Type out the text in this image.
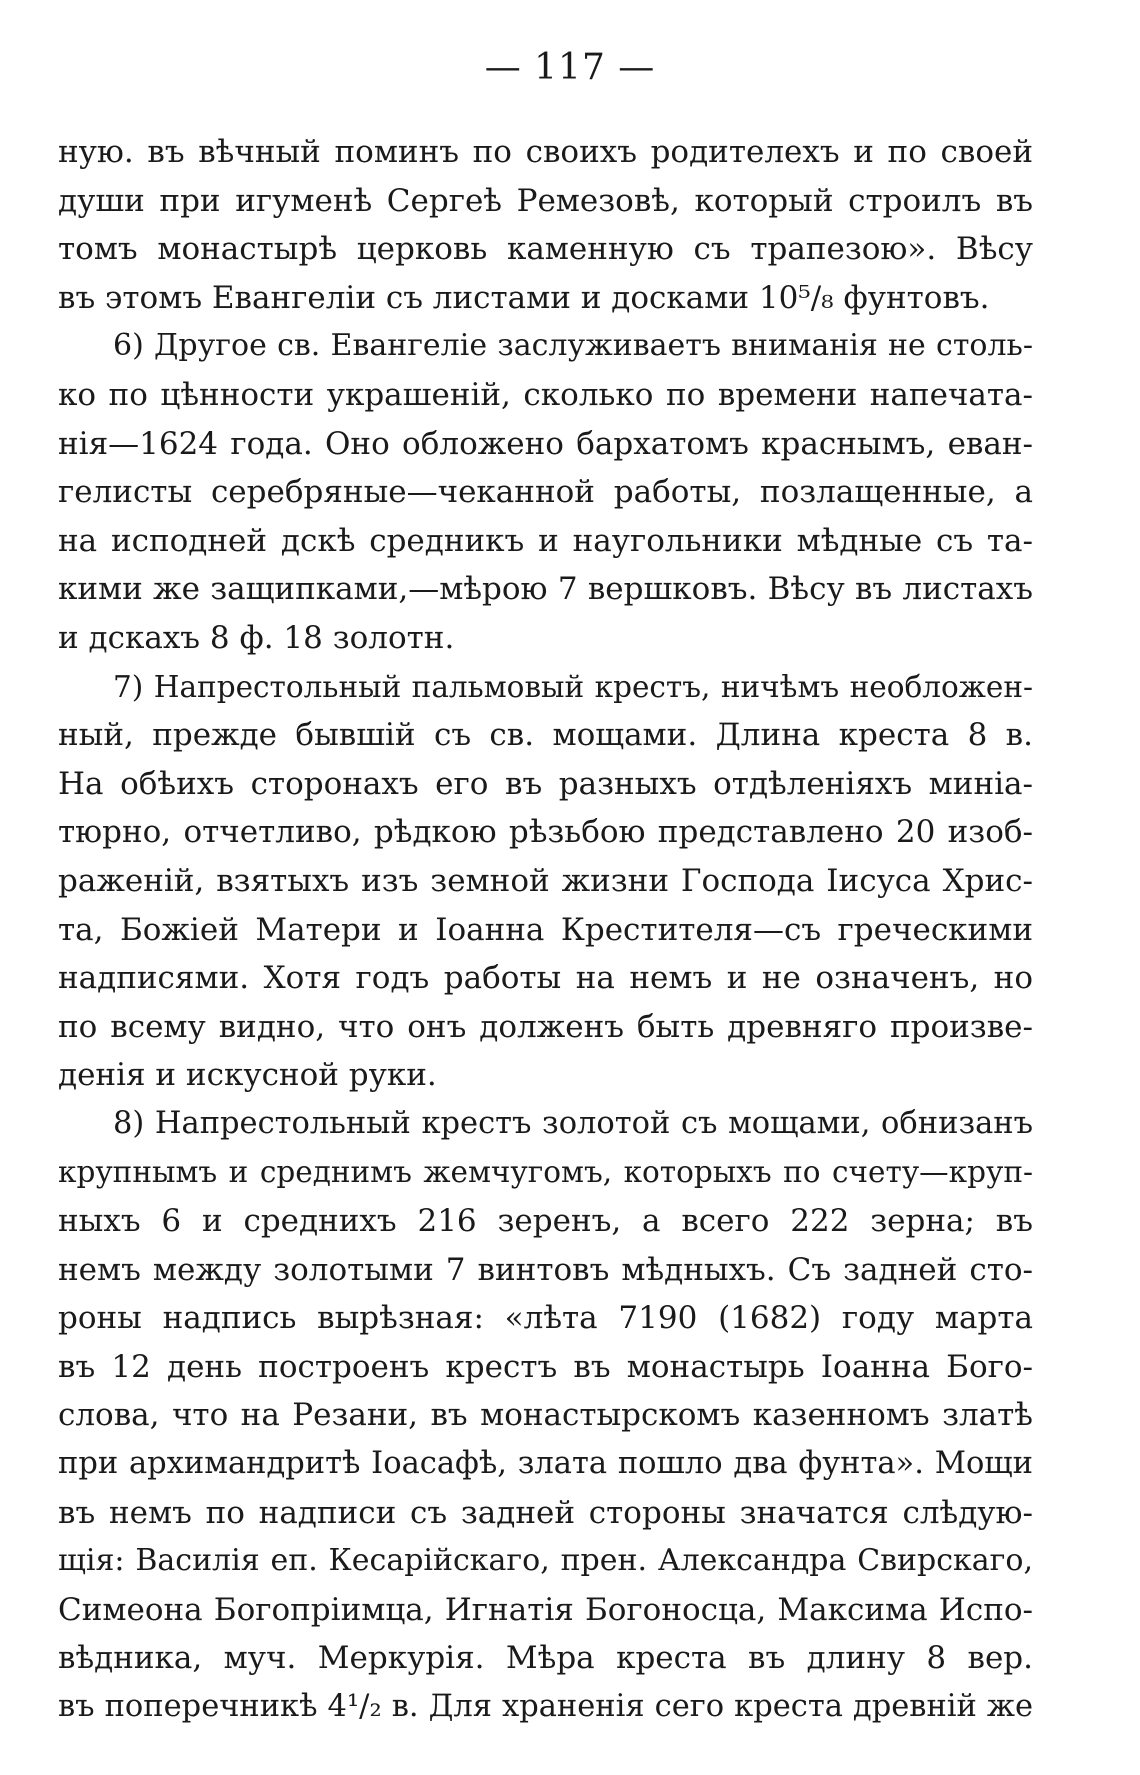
— 117 —
ную. въ вѣчный поминъ по своихъ родителехъ и по своей
души при игуменѣ Сергеѣ Ремезовѣ, который строилъ въ
томъ монастырѣ церковь каменную съ трапезою». Вѣсу
въ этомъ Евангеліи съ листами и досками 10⁵/₈ фунтовъ.
6) Другое св. Евангеліе заслуживаетъ вниманія не столь-
ко по цѣнности украшеній, сколько по времени напечата-
нія—1624 года. Оно обложено бархатомъ краснымъ, еван-
гелисты серебряные—чеканной работы, позлащенные, а
на исподней дскѣ средникъ и наугольники мѣдные съ та-
кими же защипками,—мѣрою 7 вершковъ. Вѣсу въ листахъ
и дскахъ 8 ф. 18 золотн.
7) Напрестольный пальмовый крестъ, ничѣмъ необложен-
ный, прежде бывшій съ св. мощами. Длина креста 8 в.
На обѣихъ сторонахъ его въ разныхъ отдѣленіяхъ миніа-
тюрно, отчетливо, рѣдкою рѣзьбою представлено 20 изоб-
раженій, взятыхъ изъ земной жизни Господа Іисуса Хрис-
та, Божіей Матери и Іоанна Крестителя—съ греческими
надписями. Хотя годъ работы на немъ и не означенъ, но
по всему видно, что онъ долженъ быть древняго произве-
денія и искусной руки.
8) Напрестольный крестъ золотой съ мощами, обнизанъ
крупнымъ и среднимъ жемчугомъ, которыхъ по счету—круп-
ныхъ 6 и среднихъ 216 зеренъ, а всего 222 зерна; въ
немъ между золотыми 7 винтовъ мѣдныхъ. Съ задней сто-
роны надпись вырѣзная: «лѣта 7190 (1682) году марта
въ 12 день построенъ крестъ въ монастырь Іоанна Бого-
слова, что на Резани, въ монастырскомъ казенномъ златѣ
при архимандритѣ Іоасафѣ, злата пошло два фунта». Мощи
въ немъ по надписи съ задней стороны значатся слѣдую-
щія: Василія еп. Кесарійскаго, прен. Александра Свирскаго,
Симеона Богопріимца, Игнатія Богоносца, Максима Испо-
вѣдника, муч. Меркурія. Мѣра креста въ длину 8 вер.
въ поперечникѣ 4¹/₂ в. Для храненія сего креста древній же
